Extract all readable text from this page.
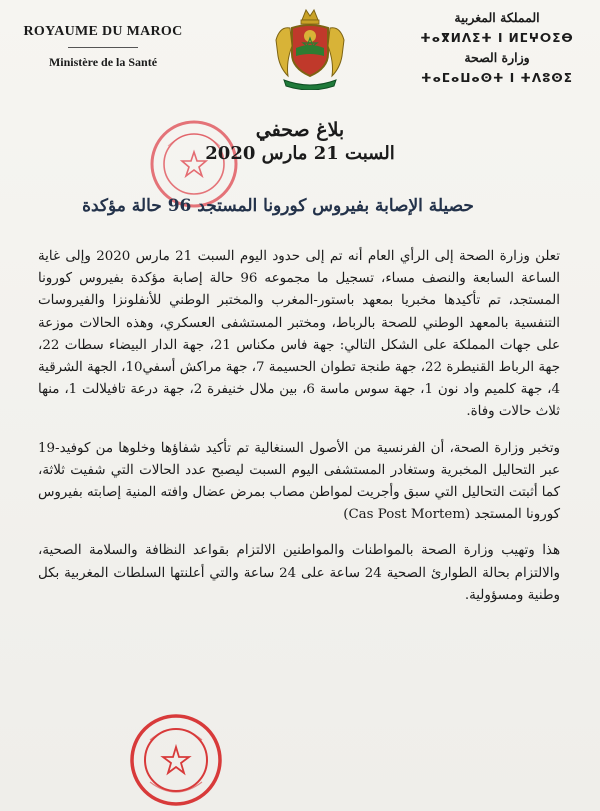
ROYAUME DU MAROC
Ministère de la Santé
المملكة المغربية
ⵜⴰⴳⵍⴷⵉⵜ ⵏ ⵍⵎⵖⵔⵉⴱ
وزارة الصحة
ⵜⴰⵎⴰⵡⴰⵙⵜ ⵏ ⵜⴷⵓⵙⵉ
بلاغ صحفي
السبت 21 مارس 2020
حصيلة الإصابة بفيروس كورونا المستجد 96 حالة مؤكدة

تعلن وزارة الصحة إلى الرأي العام أنه تم إلى حدود اليوم السبت 21 مارس 2020 وإلى غاية الساعة السابعة والنصف مساء، تسجيل ما مجموعه 96 حالة إصابة مؤكدة بفيروس كورونا المستجد، تم تأكيدها مخبريا بمعهد باستور-المغرب والمختبر الوطني للأنفلونزا والفيروسات التنفسية بالمعهد الوطني للصحة بالرباط، ومختبر المستشفى العسكري، وهذه الحالات موزعة على جهات المملكة على الشكل التالي: جهة فاس مكناس 21، جهة الدار البيضاء سطات 22، جهة الرباط القنيطرة 22، جهة طنجة تطوان الحسيمة 7، جهة مراكش أسفي10، الجهة الشرقية 4، جهة كلميم واد نون 1، جهة سوس ماسة 6، بين ملال خنيفرة 2، جهة درعة تافيلالت 1، منها ثلاث حالات وفاة.

وتخبر وزارة الصحة، أن الفرنسية من الأصول السنغالية تم تأكيد شفاؤها وخلوها من كوفيد-19 عبر التحاليل المخبرية وستغادر المستشفى اليوم السبت ليصبح عدد الحالات التي شفيت ثلاثة، كما أثبتت التحاليل التي سبق وأجريت لمواطن مصاب بمرض عضال وافته المنية إصابته بفيروس كورونا المستجد (Cas Post Mortem)

هذا وتهيب وزارة الصحة بالمواطنات والمواطنين الالتزام بقواعد النظافة والسلامة الصحية، والالتزام بحالة الطوارئ الصحية 24 ساعة على 24 ساعة والتي أعلنتها السلطات المغربية بكل وطنية ومسؤولية.
